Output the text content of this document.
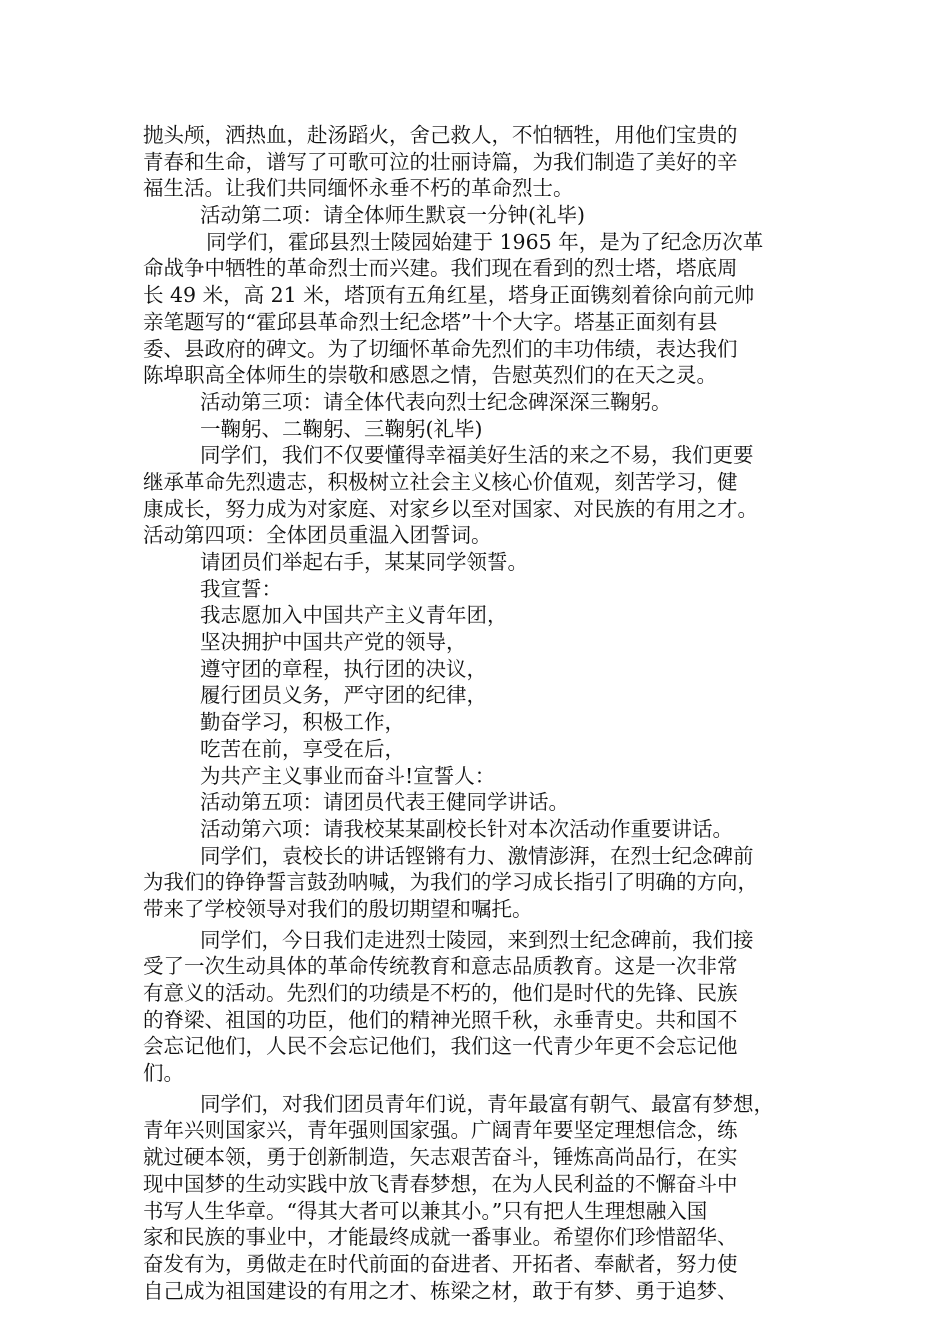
抛头颅，洒热血，赴汤蹈火，舍己救人，不怕牺牲，用他们宝贵的
青春和生命，谱写了可歌可泣的壮丽诗篇，为我们制造了美好的辛
福生活。让我们共同缅怀永垂不朽的革命烈士。
活动第二项：请全体师生默哀一分钟(礼毕)
同学们，霍邱县烈士陵园始建于 1965 年，是为了纪念历次革
命战争中牺牲的革命烈士而兴建。我们现在看到的烈士塔，塔底周
长 49 米，高 21 米，塔顶有五角红星，塔身正面镌刻着徐向前元帅
亲笔题写的“霍邱县革命烈士纪念塔”十个大字。塔基正面刻有县
委、县政府的碑文。为了切缅怀革命先烈们的丰功伟绩，表达我们
陈埠职高全体师生的崇敬和感恩之情，告慰英烈们的在天之灵。
活动第三项：请全体代表向烈士纪念碑深深三鞠躬。
一鞠躬、二鞠躬、三鞠躬(礼毕)
同学们，我们不仅要懂得幸福美好生活的来之不易，我们更要
继承革命先烈遗志，积极树立社会主义核心价值观，刻苦学习，健
康成长，努力成为对家庭、对家乡以至对国家、对民族的有用之才。
活动第四项：全体团员重温入团誓词。
请团员们举起右手，某某同学领誓。
我宣誓：
我志愿加入中国共产主义青年团，
坚决拥护中国共产党的领导，
遵守团的章程，执行团的决议，
履行团员义务，严守团的纪律，
勤奋学习，积极工作，
吃苦在前，享受在后，
为共产主义事业而奋斗!宣誓人：
活动第五项：请团员代表王健同学讲话。
活动第六项：请我校某某副校长针对本次活动作重要讲话。
同学们，袁校长的讲话铿锵有力、激情澎湃，在烈士纪念碑前
为我们的铮铮誓言鼓劲呐喊，为我们的学习成长指引了明确的方向，
带来了学校领导对我们的殷切期望和嘱托。
同学们，今日我们走进烈士陵园，来到烈士纪念碑前，我们接
受了一次生动具体的革命传统教育和意志品质教育。这是一次非常
有意义的活动。先烈们的功绩是不朽的，他们是时代的先锋、民族
的脊梁、祖国的功臣，他们的精神光照千秋，永垂青史。共和国不
会忘记他们，人民不会忘记他们，我们这一代青少年更不会忘记他
们。
同学们，对我们团员青年们说，青年最富有朝气、最富有梦想，
青年兴则国家兴，青年强则国家强。广阔青年要坚定理想信念，练
就过硬本领，勇于创新制造，矢志艰苦奋斗，锤炼高尚品行，在实
现中国梦的生动实践中放飞青春梦想，在为人民利益的不懈奋斗中
书写人生华章。“得其大者可以兼其小。”只有把人生理想融入国
家和民族的事业中，才能最终成就一番事业。希望你们珍惜韶华、
奋发有为，勇做走在时代前面的奋进者、开拓者、奉献者，努力使
自己成为祖国建设的有用之才、栋梁之材，敢于有梦、勇于追梦、
